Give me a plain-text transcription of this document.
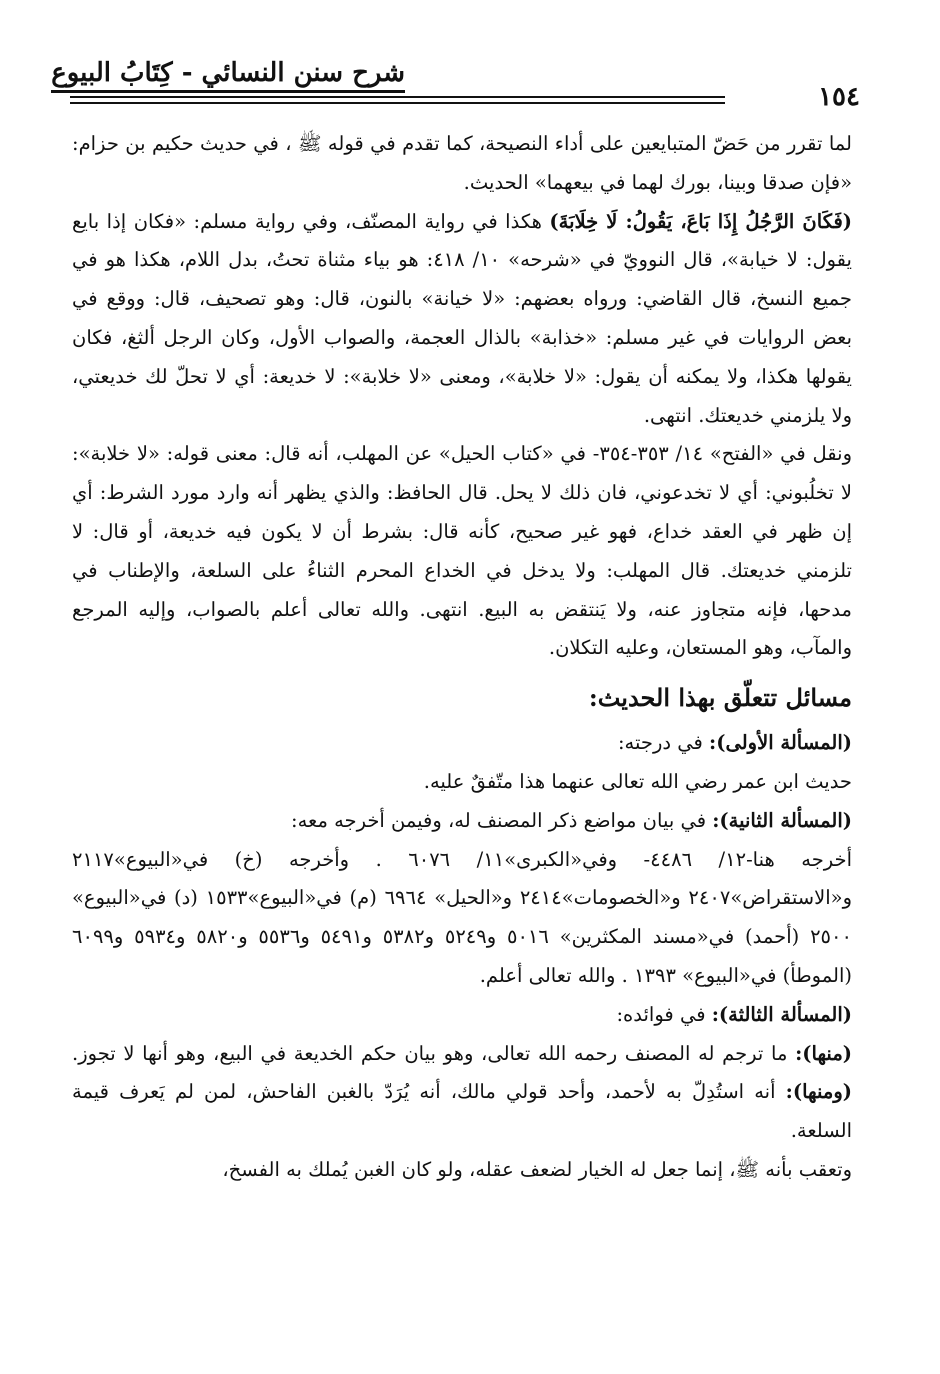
شرح سنن النسائي - كِتَابُ البيوع
١٥٤

لما تقرر من حَضّ المتبايعين على أداء النصيحة، كما تقدم في قوله ﷺ ، في حديث حكيم بن حزام: «فإن صدقا وبينا، بورك لهما في بيعهما» الحديث.

(فَكَانَ الرَّجُلُ إِذَا بَاعَ، يَقُولُ: لَا خِلَابَةَ) هكذا في رواية المصنّف، وفي رواية مسلم: «فكان إذا بايع يقول: لا خيابة»، قال النوويّ في «شرحه» ١٠/ ٤١٨: هو بياء مثناة تحتُ، بدل اللام، هكذا هو في جميع النسخ، قال القاضي: ورواه بعضهم: «لا خيانة» بالنون، قال: وهو تصحيف، قال: ووقع في بعض الروايات في غير مسلم: «خذابة» بالذال العجمة، والصواب الأول، وكان الرجل ألثغ، فكان يقولها هكذا، ولا يمكنه أن يقول: «لا خلابة»، ومعنى «لا خلابة»: لا خديعة: أي لا تحلّ لك خديعتي، ولا يلزمني خديعتك. انتهى.

ونقل في «الفتح» ١٤/ ٣٥٣-٣٥٤- في «كتاب الحيل» عن المهلب، أنه قال: معنى قوله: «لا خلابة»: لا تخلُبوني: أي لا تخدعوني، فان ذلك لا يحل. قال الحافظ: والذي يظهر أنه وارد مورد الشرط: أي إن ظهر في العقد خداع، فهو غير صحيح، كأنه قال: بشرط أن لا يكون فيه خديعة، أو قال: لا تلزمني خديعتك. قال المهلب: ولا يدخل في الخداع المحرم الثناءُ على السلعة، والإطناب في مدحها، فإنه متجاوز عنه، ولا يَنتقض به البيع. انتهى. والله تعالى أعلم بالصواب، وإليه المرجع والمآب، وهو المستعان، وعليه التكلان.

مسائل تتعلّق بهذا الحديث:

(المسألة الأولى): في درجته:

حديث ابن عمر رضي الله تعالى عنهما هذا متّفقٌ عليه.

(المسألة الثانية): في بيان مواضع ذكر المصنف له، وفيمن أخرجه معه:

أخرجه هنا-١٢/ ٤٤٨٦- وفي«الكبرى»١١/ ٦٠٧٦ . وأخرجه (خ) في«البيوع»٢١١٧ و«الاستقراض»٢٤٠٧ و«الخصومات»٢٤١٤ و«الحيل» ٦٩٦٤ (م) في«البيوع»١٥٣٣ (د) في«البيوع» ٢٥٠٠ (أحمد) في«مسند المكثرين» ٥٠١٦ و٥٢٤٩ و٥٣٨٢ و٥٤٩١ و٥٥٣٦ و٥٨٢٠ و٥٩٣٤ و٦٠٩٩ (الموطأ) في«البيوع» ١٣٩٣ . والله تعالى أعلم.

(المسألة الثالثة): في فوائده:

(منها): ما ترجم له المصنف رحمه الله تعالى، وهو بيان حكم الخديعة في البيع، وهو أنها لا تجوز. (ومنها): أنه استُدِلّ به لأحمد، وأحد قولي مالك، أنه يُرَدّ بالغبن الفاحش، لمن لم يَعرف قيمة السلعة.

وتعقب بأنه ﷺ، إنما جعل له الخيار لضعف عقله، ولو كان الغبن يُملك به الفسخ،
